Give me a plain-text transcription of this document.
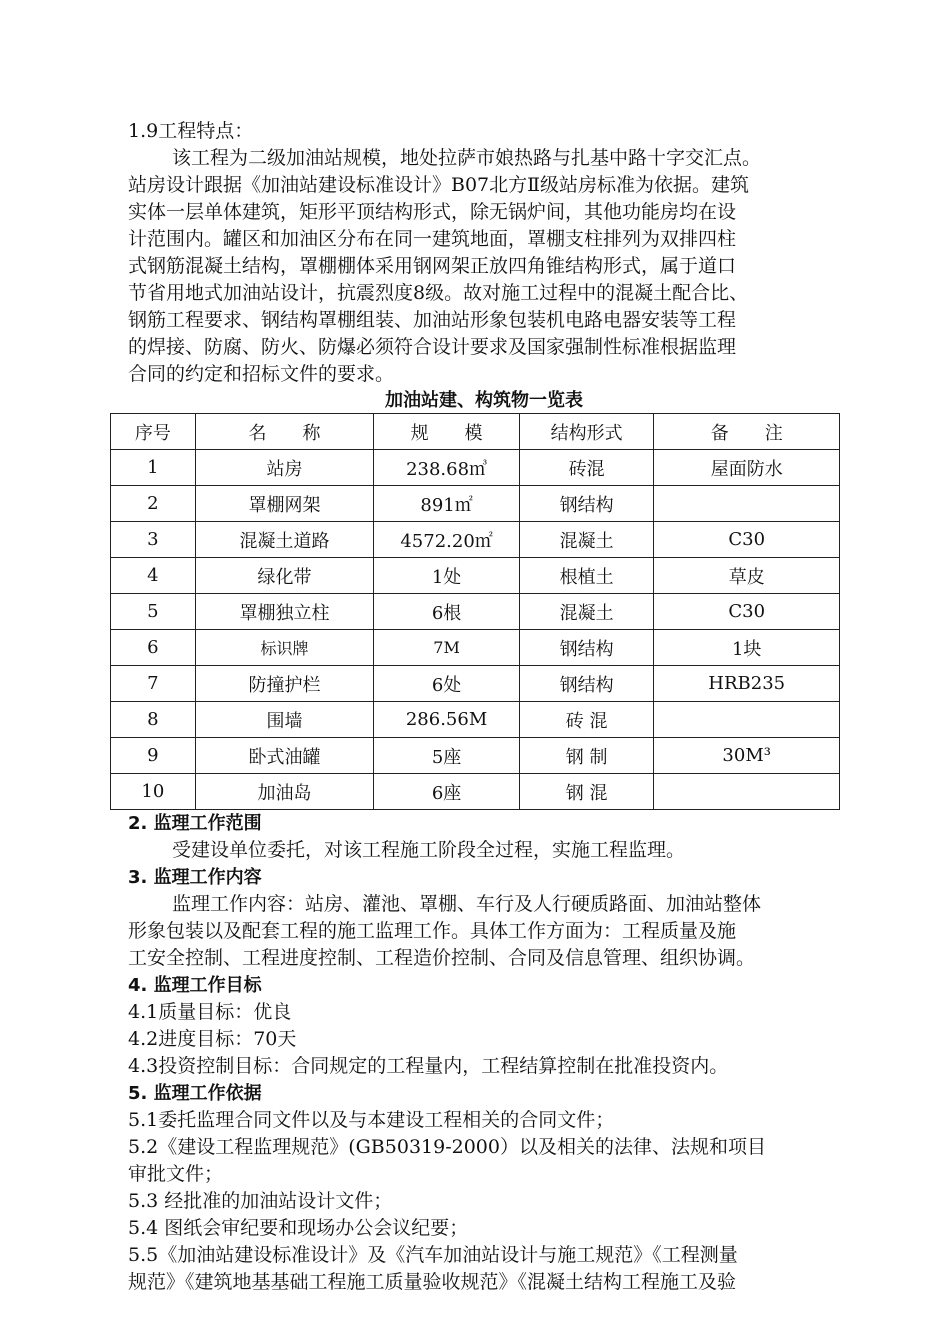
1.9工程特点：
该工程为二级加油站规模，地处拉萨市娘热路与扎基中路十字交汇点。
站房设计跟据《加油站建设标准设计》B07北方Ⅱ级站房标准为依据。建筑
实体一层单体建筑，矩形平顶结构形式，除无锅炉间，其他功能房均在设
计范围内。罐区和加油区分布在同一建筑地面，罩棚支柱排列为双排四柱
式钢筋混凝土结构，罩棚棚体采用钢网架正放四角锥结构形式，属于道口
节省用地式加油站设计，抗震烈度8级。故对施工过程中的混凝土配合比、
钢筋工程要求、钢结构罩棚组装、加油站形象包装机电路电器安装等工程
的焊接、防腐、防火、防爆必须符合设计要求及国家强制性标准根据监理
合同的约定和招标文件的要求。
加油站建、构筑物一览表
序号	名　　称	规　　模	结构形式	备　　注
1	站房	238.68㎥	砖混	屋面防水
2	罩棚网架	891㎡	钢结构	
3	混凝土道路	4572.20㎡	混凝土	C30
4	绿化带	1处	根植土	草皮
5	罩棚独立柱	6根	混凝土	C30
6	标识牌	7M	钢结构	1块
7	防撞护栏	6处	钢结构	HRB235
8	围墙	286.56M	砖 混	
9	卧式油罐	5座	钢 制	30M³
10	加油岛	6座	钢 混	
2. 监理工作范围
受建设单位委托，对该工程施工阶段全过程，实施工程监理。
3. 监理工作内容
监理工作内容：站房、灌池、罩棚、车行及人行硬质路面、加油站整体
形象包装以及配套工程的施工监理工作。具体工作方面为：工程质量及施
工安全控制、工程进度控制、工程造价控制、合同及信息管理、组织协调。
4. 监理工作目标
4.1质量目标：优良
4.2进度目标：70天
4.3投资控制目标：合同规定的工程量内，工程结算控制在批准投资内。
5. 监理工作依据
5.1委托监理合同文件以及与本建设工程相关的合同文件；
5.2《建设工程监理规范》(GB50319-2000）以及相关的法律、法规和项目
审批文件；
5.3 经批准的加油站设计文件；
5.4 图纸会审纪要和现场办公会议纪要；
5.5《加油站建设标准设计》及《汽车加油站设计与施工规范》《工程测量
规范》《建筑地基基础工程施工质量验收规范》《混凝土结构工程施工及验
